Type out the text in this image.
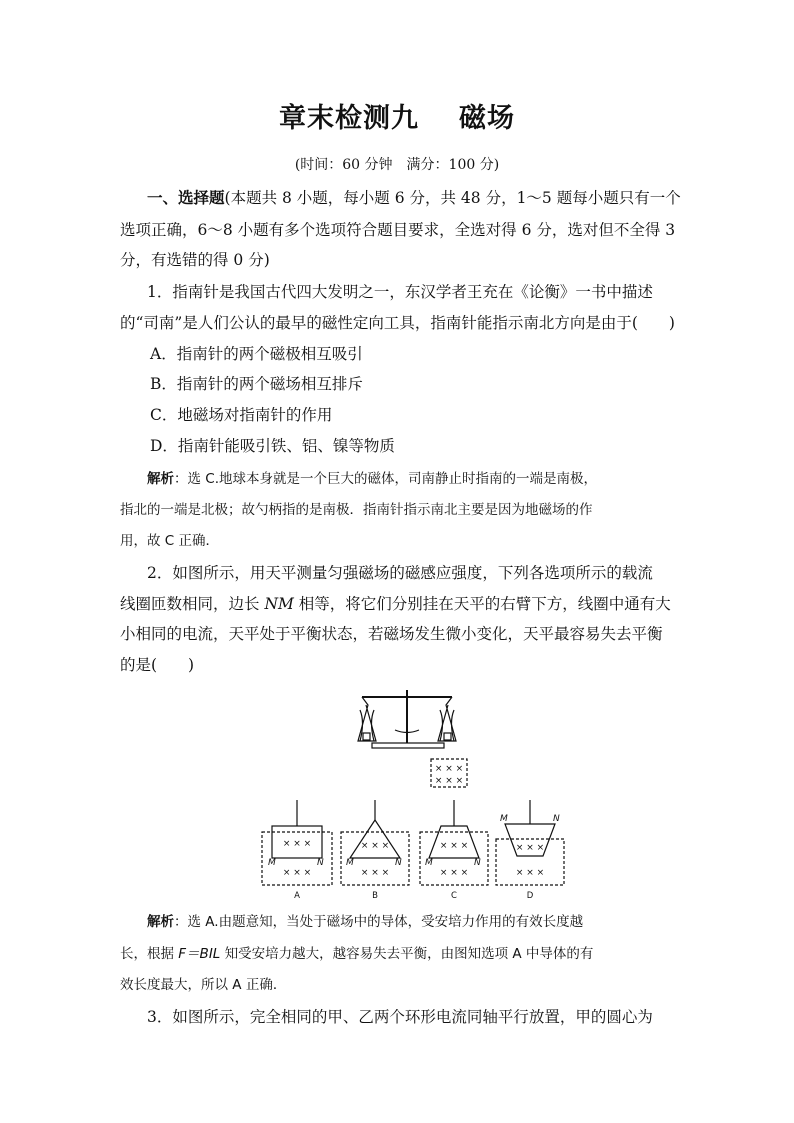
章末检测九 磁场
(时间：60 分钟　满分：100 分)
一、选择题(本题共 8 小题，每小题 6 分，共 48 分，1～5 题每小题只有一个
选项正确，6～8 小题有多个选项符合题目要求，全选对得 6 分，选对但不全得 3
分，有选错的得 0 分)
1．指南针是我国古代四大发明之一，东汉学者王充在《论衡》一书中描述
的“司南”是人们公认的最早的磁性定向工具，指南针能指示南北方向是由于(　　)
A．指南针的两个磁极相互吸引
B．指南针的两个磁场相互排斥
C．地磁场对指南针的作用
D．指南针能吸引铁、铝、镍等物质
解析：选 C.地球本身就是一个巨大的磁体，司南静止时指南的一端是南极，
指北的一端是北极；故勺柄指的是南极．指南针指示南北主要是因为地磁场的作
用，故 C 正确．
2．如图所示，用天平测量匀强磁场的磁感应强度，下列各选项所示的载流
线圈匝数相同，边长 NM 相等，将它们分别挂在天平的右臂下方，线圈中通有大
小相同的电流，天平处于平衡状态，若磁场发生微小变化，天平最容易失去平衡
的是(　　)
× × ×
× × ×
× × ×
× × ×
M	N
A
× × ×
× × ×
M	N
B
× × ×
× × ×
M	N
C
× × ×
× × ×
M	N
D
解析：选 A.由题意知，当处于磁场中的导体，受安培力作用的有效长度越
长，根据 F＝BIL 知受安培力越大，越容易失去平衡，由图知选项 A 中导体的有
效长度最大，所以 A 正确．
3．如图所示，完全相同的甲、乙两个环形电流同轴平行放置，甲的圆心为
